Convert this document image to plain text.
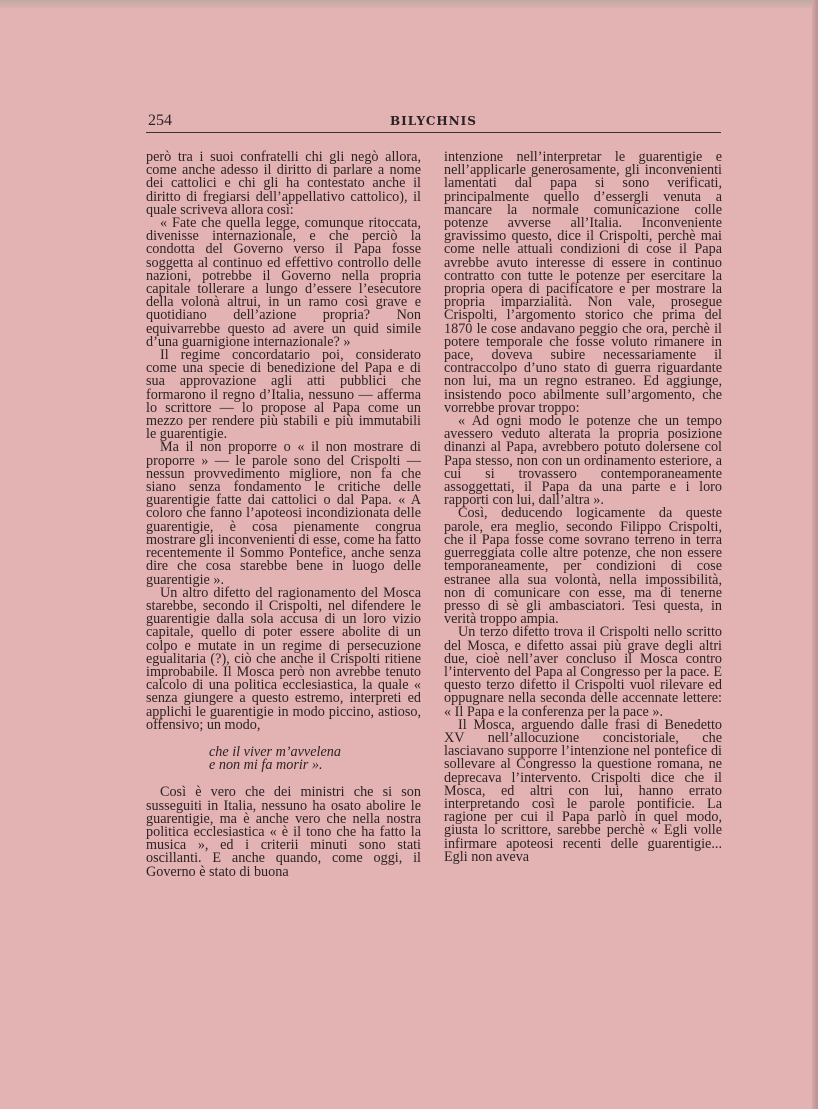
254	BILYCHNIS

però tra i suoi confratelli chi gli negò allora, come anche adesso il diritto di parlare a nome dei cattolici e chi gli ha contestato anche il diritto di fregiarsi dell’appellativo cattolico), il quale scriveva allora così:

« Fate che quella legge, comunque ritoccata, divenisse internazionale, e che perciò la condotta del Governo verso il Papa fosse soggetta al continuo ed effettivo controllo delle nazioni, potrebbe il Governo nella propria capitale tollerare a lungo d’essere l’esecutore della volonà altrui, in un ramo così grave e quotidiano dell’azione propria? Non equivarrebbe questo ad avere un quid simile d’una guarnigione internazionale? »

Il regime concordatario poi, considerato come una specie di benedizione del Papa e di sua approvazione agli atti pubblici che formarono il regno d’Italia, nessuno — afferma lo scrittore — lo propose al Papa come un mezzo per rendere più stabili e più immutabili le guarentigie.

Ma il non proporre o « il non mostrare di proporre » — le parole sono del Crispolti — nessun provvedimento migliore, non fa che siano senza fondamento le critiche delle guarentigie fatte dai cattolici o dal Papa. « A coloro che fanno l’apoteosi incondizionata delle guarentigie, è cosa pienamente congrua mostrare gli inconvenienti di esse, come ha fatto recentemente il Sommo Pontefice, anche senza dire che cosa starebbe bene in luogo delle guarentigie ».

Un altro difetto del ragionamento del Mosca starebbe, secondo il Crispolti, nel difendere le guarentigie dalla sola accusa di un loro vizio capitale, quello di poter essere abolite di un colpo e mutate in un regime di persecuzione egualitaria (?), ciò che anche il Crispolti ritiene improbabile. Il Mosca però non avrebbe tenuto calcolo di una politica ecclesiastica, la quale « senza giungere a questo estremo, interpreti ed applichi le guarentigie in modo piccino, astioso, offensivo; un modo,

che il viver m’avvelena
e non mi fa morir ».

Così è vero che dei ministri che si son susseguiti in Italia, nessuno ha osato abolire le guarentigie, ma è anche vero che nella nostra politica ecclesiastica « è il tono che ha fatto la musica », ed i criterii minuti sono stati oscillanti. E anche quando, come oggi, il Governo è stato di buona

intenzione nell’interpretar le guarentigie e nell’applicarle generosamente, gli inconvenienti lamentati dal papa si sono verificati, principalmente quello d’essergli venuta a mancare la normale comunicazione colle potenze avverse all’Italia. Inconveniente gravissimo questo, dice il Crispolti, perchè mai come nelle attuali condizioni di cose il Papa avrebbe avuto interesse di essere in continuo contratto con tutte le potenze per esercitare la propria opera di pacificatore e per mostrare la propria imparzialità. Non vale, prosegue Crispolti, l’argomento storico che prima del 1870 le cose andavano peggio che ora, perchè il potere temporale che fosse voluto rimanere in pace, doveva subire necessariamente il contraccolpo d’uno stato di guerra riguardante non lui, ma un regno estraneo. Ed aggiunge, insistendo poco abilmente sull’argomento, che vorrebbe provar troppo:

« Ad ogni modo le potenze che un tempo avessero veduto alterata la propria posizione dinanzi al Papa, avrebbero potuto dolersene col Papa stesso, non con un ordinamento esteriore, a cui si trovassero contemporaneamente assoggettati, il Papa da una parte e i loro rapporti con lui, dall’altra ».

Così, deducendo logicamente da queste parole, era meglio, secondo Filippo Crispolti, che il Papa fosse come sovrano terreno in terra guerreggiata colle altre potenze, che non essere temporaneamente, per condizioni di cose estranee alla sua volontà, nella impossibilità, non di comunicare con esse, ma di tenerne presso di sè gli ambasciatori. Tesi questa, in verità troppo ampia.

Un terzo difetto trova il Crispolti nello scritto del Mosca, e difetto assai più grave degli altri due, cioè nell’aver concluso il Mosca contro l’intervento del Papa al Congresso per la pace. E questo terzo difetto il Crispolti vuol rilevare ed oppugnare nella seconda delle accennate lettere: « Il Papa e la conferenza per la pace ».

Il Mosca, arguendo dalle frasi di Benedetto XV nell’allocuzione concistoriale, che lasciavano supporre l’intenzione nel pontefice di sollevare al Congresso la questione romana, ne deprecava l’intervento. Crispolti dice che il Mosca, ed altri con lui, hanno errato interpretando così le parole pontificie. La ragione per cui il Papa parlò in quel modo, giusta lo scrittore, sarebbe perchè « Egli volle infirmare apoteosi recenti delle guarentigie... Egli non aveva
